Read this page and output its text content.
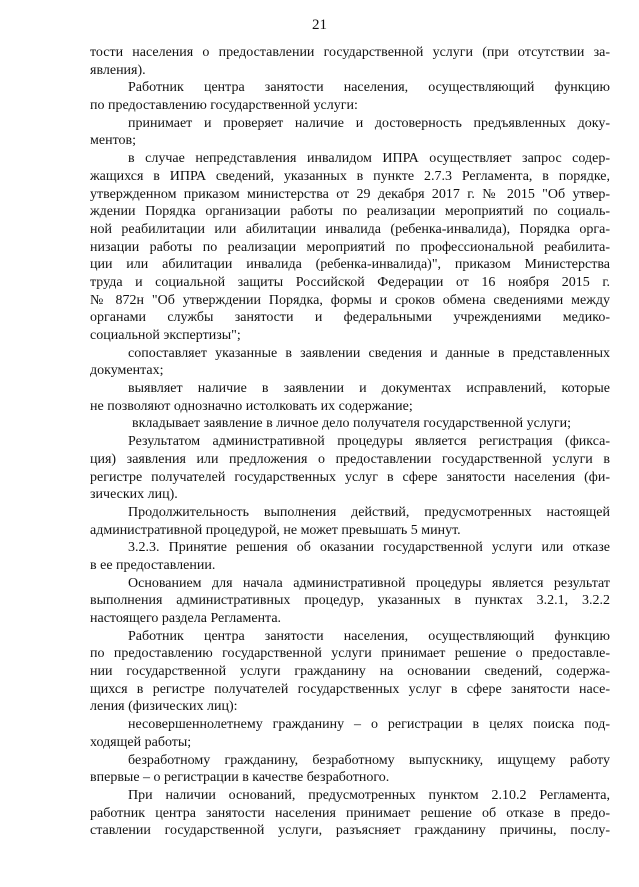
21
тости населения о предоставлении государственной услуги (при отсутствии за-
явления).
Работник центра занятости населения, осуществляющий функцию
по предоставлению государственной услуги:
принимает и проверяет наличие и достоверность предъявленных доку-
ментов;
в случае непредставления инвалидом ИПРА осуществляет запрос содер-
жащихся в ИПРА сведений, указанных в пункте 2.7.3 Регламента, в порядке,
утвержденном приказом министерства от 29 декабря 2017 г. № 2015 "Об утвер-
ждении Порядка организации работы по реализации мероприятий по социаль-
ной реабилитации или абилитации инвалида (ребенка-инвалида), Порядка орга-
низации работы по реализации мероприятий по профессиональной реабилита-
ции или абилитации инвалида (ребенка-инвалида)", приказом Министерства
труда и социальной защиты Российской Федерации от 16 ноября 2015 г.
№ 872н "Об утверждении Порядка, формы и сроков обмена сведениями между
органами службы занятости и федеральными учреждениями медико-
социальной экспертизы";
сопоставляет указанные в заявлении сведения и данные в представленных
документах;
выявляет наличие в заявлении и документах исправлений, которые
не позволяют однозначно истолковать их содержание;
вкладывает заявление в личное дело получателя государственной услуги;
Результатом административной процедуры является регистрация (фикса-
ция) заявления или предложения о предоставлении государственной услуги в
регистре получателей государственных услуг в сфере занятости населения (фи-
зических лиц).
Продолжительность выполнения действий, предусмотренных настоящей
административной процедурой, не может превышать 5 минут.
3.2.3. Принятие решения об оказании государственной услуги или отказе
в ее предоставлении.
Основанием для начала административной процедуры является результат
выполнения административных процедур, указанных в пунктах 3.2.1, 3.2.2
настоящего раздела Регламента.
Работник центра занятости населения, осуществляющий функцию
по предоставлению государственной услуги принимает решение о предоставле-
нии государственной услуги гражданину на основании сведений, содержа-
щихся в регистре получателей государственных услуг в сфере занятости насе-
ления (физических лиц):
несовершеннолетнему гражданину – о регистрации в целях поиска под-
ходящей работы;
безработному гражданину, безработному выпускнику, ищущему работу
впервые – о регистрации в качестве безработного.
При наличии оснований, предусмотренных пунктом 2.10.2 Регламента,
работник центра занятости населения принимает решение об отказе в предо-
ставлении государственной услуги, разъясняет гражданину причины, послу-
